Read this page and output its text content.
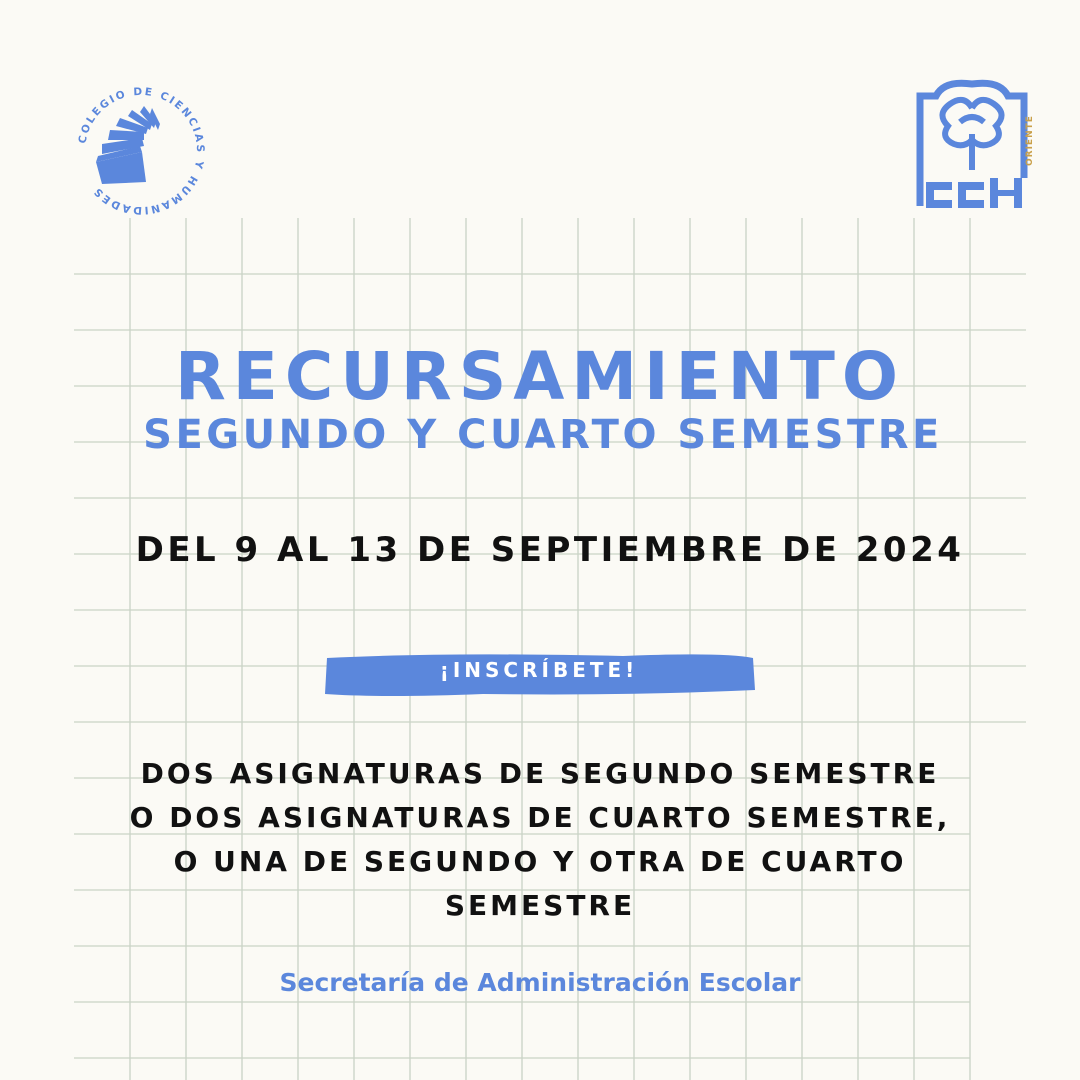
COLEGIO DE CIENCIAS Y HUMANIDADES
ORIENTE
RECURSAMIENTO
SEGUNDO Y CUARTO SEMESTRE
DEL 9 AL 13 DE SEPTIEMBRE DE 2024
¡INSCRÍBETE!
DOS ASIGNATURAS DE SEGUNDO SEMESTRE
O DOS ASIGNATURAS DE CUARTO SEMESTRE,
O UNA DE SEGUNDO Y OTRA DE CUARTO
SEMESTRE
Secretaría de Administración Escolar
